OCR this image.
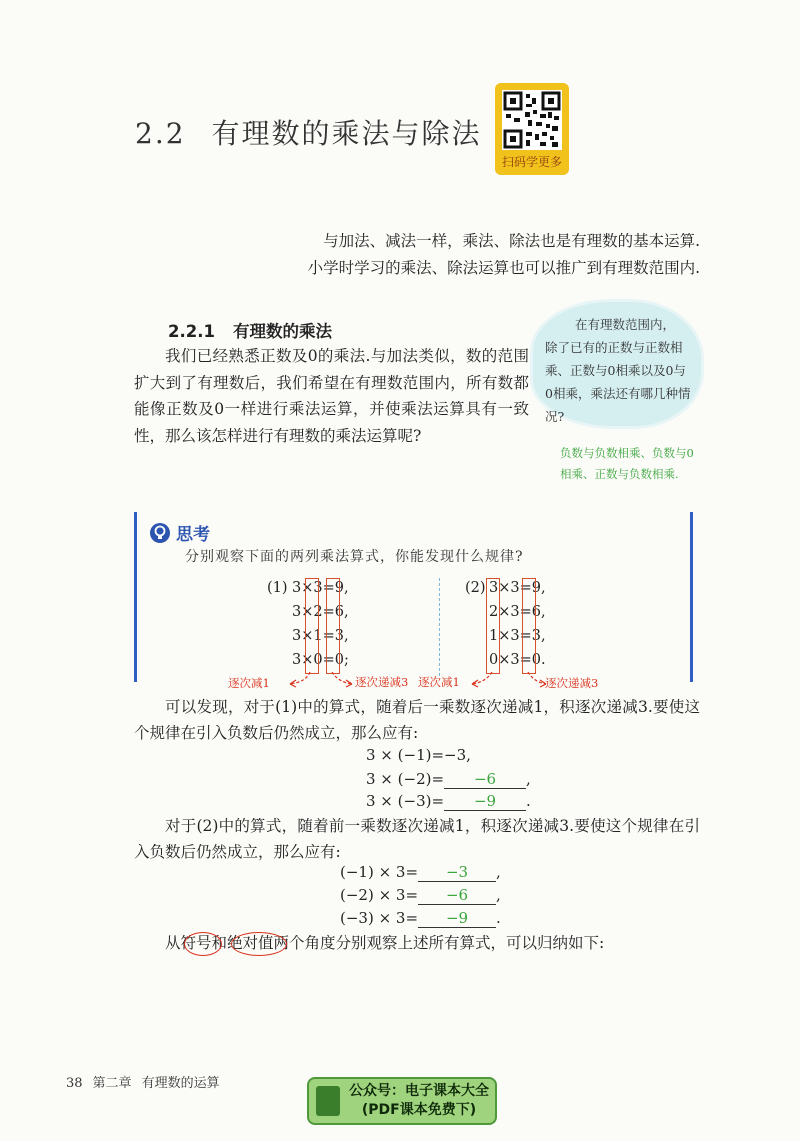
2.2 有理数的乘法与除法
扫码学更多
与加法、减法一样，乘法、除法也是有理数的基本运算.
小学时学习的乘法、除法运算也可以推广到有理数范围内.
2.2.1 有理数的乘法
我们已经熟悉正数及0的乘法.与加法类似，数的范围扩大到了有理数后，我们希望在有理数范围内，所有数都能像正数及0一样进行乘法运算，并使乘法运算具有一致性，那么该怎样进行有理数的乘法运算呢?
在有理数范围内，
除了已有的正数与正数相乘、正数与0相乘以及0与0相乘，乘法还有哪几种情况?
负数与负数相乘、负数与0相乘、正数与负数相乘.
思考
分别观察下面的两列乘法算式，你能发现什么规律?
(1) 3×3=9,
3×2=6,
3×1=3,
3×0=0;
(2) 3×3=9,
2×3=6,
1×3=3,
0×3=0.
逐次减1	逐次递减3 逐次减1	逐次递减3
可以发现，对于(1)中的算式，随着后一乘数逐次递减1，积逐次递减3.要使这个规律在引入负数后仍然成立，那么应有:
3 × (−1)=−3,
3 × (−2)= −6 ,
3 × (−3)= −9 .
对于(2)中的算式，随着前一乘数逐次递减1，积逐次递减3.要使这个规律在引入负数后仍然成立，那么应有:
(−1) × 3= −3 ,
(−2) × 3= −6 ,
(−3) × 3= −9 .
从符号和绝对值两个角度分别观察上述所有算式，可以归纳如下:
38 第二章 有理数的运算	公众号：电子课本大全
(PDF课本免费下)
